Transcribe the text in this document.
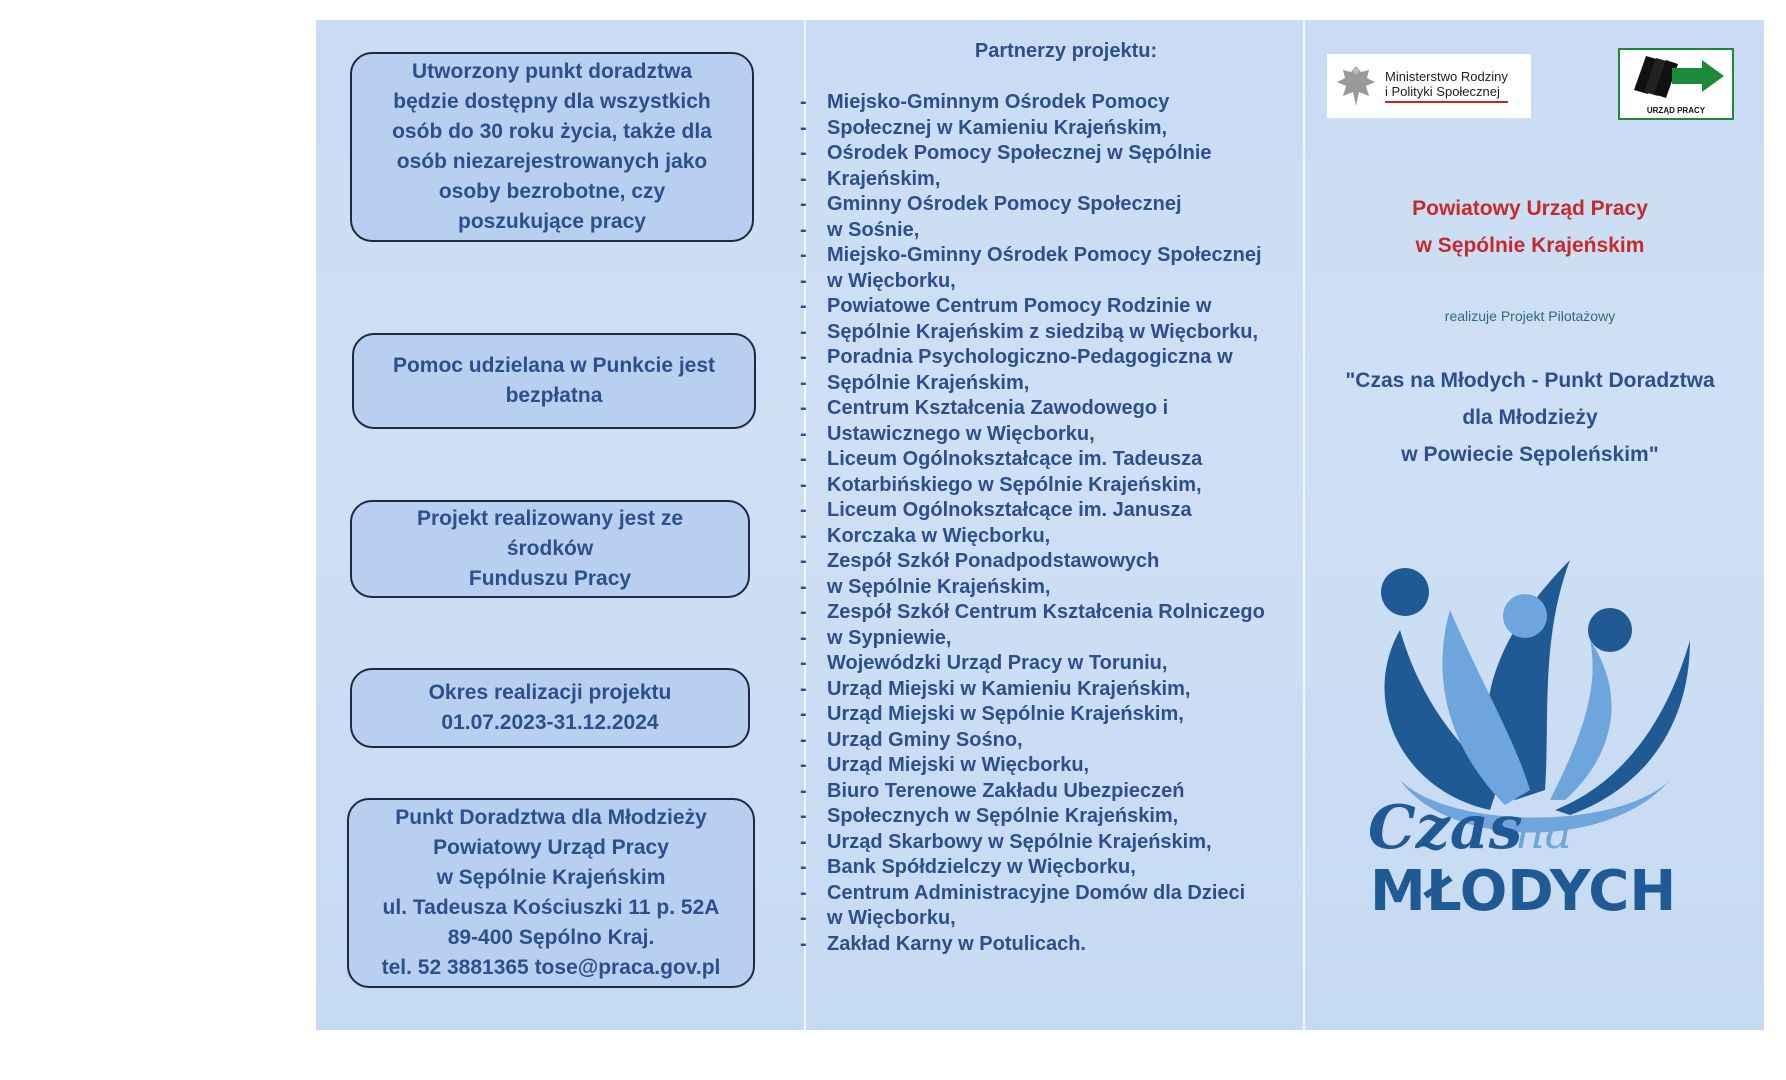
Utworzony punkt doradztwa
będzie dostępny dla wszystkich
osób do 30 roku życia, także dla
osób niezarejestrowanych jako
osoby bezrobotne, czy
poszukujące pracy
Pomoc udzielana w Punkcie jest
bezpłatna
Projekt realizowany jest ze
środków
Funduszu Pracy
Okres realizacji projektu
01.07.2023-31.12.2024
Punkt Doradztwa dla Młodzieży
Powiatowy Urząd Pracy
w Sępólnie Krajeńskim
ul. Tadeusza Kościuszki 11 p. 52A
89-400 Sępólno Kraj.
tel. 52 3881365 tose@praca.gov.pl
Partnerzy projektu:
- Miejsko-Gminnym Ośrodek Pomocy
- Społecznej w Kamieniu Krajeńskim,
- Ośrodek Pomocy Społecznej w Sępólnie
- Krajeńskim,
- Gminny Ośrodek Pomocy Społecznej
- w Sośnie,
- Miejsko-Gminny Ośrodek Pomocy Społecznej
- w Więcborku,
- Powiatowe Centrum Pomocy Rodzinie w
- Sępólnie Krajeńskim z siedzibą w Więcborku,
- Poradnia Psychologiczno-Pedagogiczna w
- Sępólnie Krajeńskim,
- Centrum Kształcenia Zawodowego i
- Ustawicznego w Więcborku,
- Liceum Ogólnokształcące im. Tadeusza
- Kotarbińskiego w Sępólnie Krajeńskim,
- Liceum Ogólnokształcące im. Janusza
- Korczaka w Więcborku,
- Zespół Szkół Ponadpodstawowych
- w Sępólnie Krajeńskim,
- Zespół Szkół Centrum Kształcenia Rolniczego
- w Sypniewie,
- Wojewódzki Urząd Pracy w Toruniu,
- Urząd Miejski w Kamieniu Krajeńskim,
- Urząd Miejski w Sępólnie Krajeńskim,
- Urząd Gminy Sośno,
- Urząd Miejski w Więcborku,
- Biuro Terenowe Zakładu Ubezpieczeń
- Społecznych w Sępólnie Krajeńskim,
- Urząd Skarbowy w Sępólnie Krajeńskim,
- Bank Spółdzielczy w Więcborku,
- Centrum Administracyjne Domów dla Dzieci
- w Więcborku,
- Zakład Karny w Potulicach.
Ministerstwo Rodziny
i Polityki Społecznej
URZĄD PRACY
Powiatowy Urząd Pracy
w Sępólnie Krajeńskim
realizuje Projekt Pilotażowy
"Czas na Młodych - Punkt Doradztwa
dla Młodzieży
w Powiecie Sępoleńskim"
Czas
na
MŁODYCH
